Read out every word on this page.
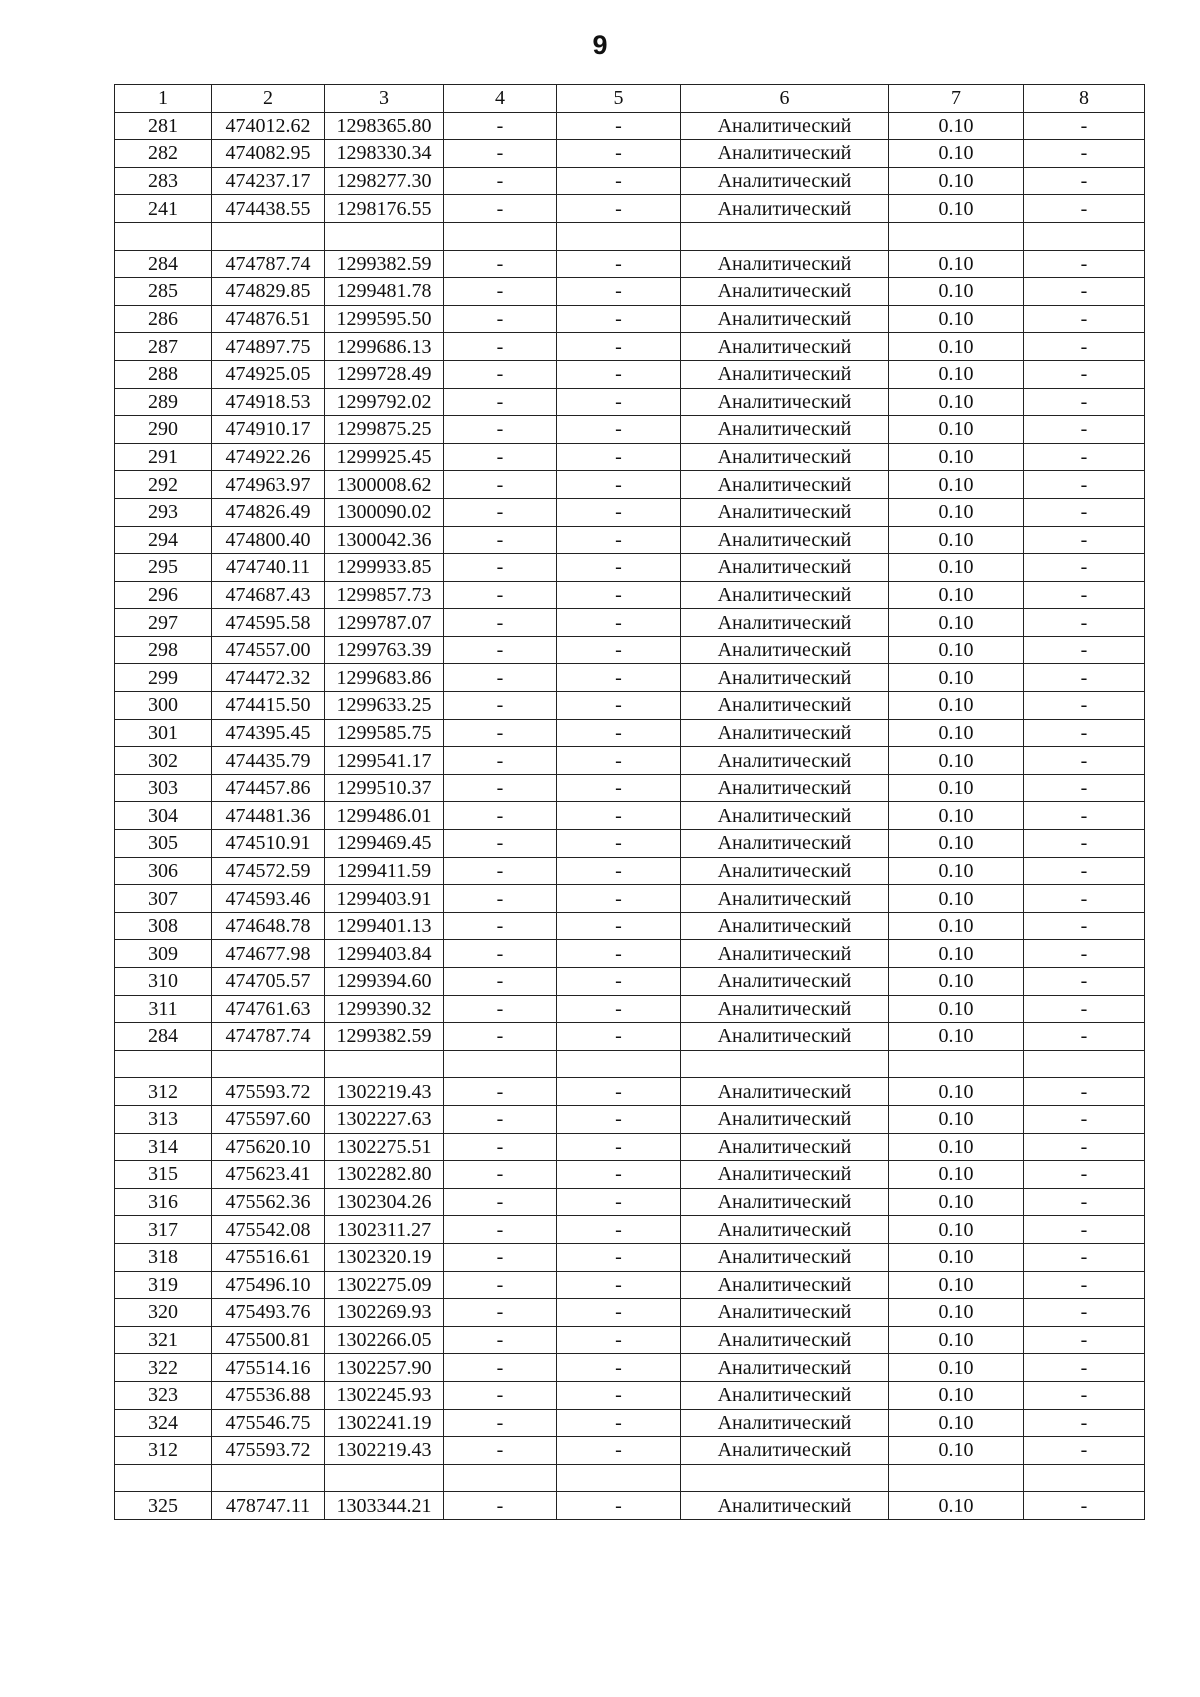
9
1	2	3	4	5	6	7	8
281	474012.62	1298365.80	-	-	Аналитический	0.10	-
282	474082.95	1298330.34	-	-	Аналитический	0.10	-
283	474237.17	1298277.30	-	-	Аналитический	0.10	-
241	474438.55	1298176.55	-	-	Аналитический	0.10	-

284	474787.74	1299382.59	-	-	Аналитический	0.10	-
285	474829.85	1299481.78	-	-	Аналитический	0.10	-
286	474876.51	1299595.50	-	-	Аналитический	0.10	-
287	474897.75	1299686.13	-	-	Аналитический	0.10	-
288	474925.05	1299728.49	-	-	Аналитический	0.10	-
289	474918.53	1299792.02	-	-	Аналитический	0.10	-
290	474910.17	1299875.25	-	-	Аналитический	0.10	-
291	474922.26	1299925.45	-	-	Аналитический	0.10	-
292	474963.97	1300008.62	-	-	Аналитический	0.10	-
293	474826.49	1300090.02	-	-	Аналитический	0.10	-
294	474800.40	1300042.36	-	-	Аналитический	0.10	-
295	474740.11	1299933.85	-	-	Аналитический	0.10	-
296	474687.43	1299857.73	-	-	Аналитический	0.10	-
297	474595.58	1299787.07	-	-	Аналитический	0.10	-
298	474557.00	1299763.39	-	-	Аналитический	0.10	-
299	474472.32	1299683.86	-	-	Аналитический	0.10	-
300	474415.50	1299633.25	-	-	Аналитический	0.10	-
301	474395.45	1299585.75	-	-	Аналитический	0.10	-
302	474435.79	1299541.17	-	-	Аналитический	0.10	-
303	474457.86	1299510.37	-	-	Аналитический	0.10	-
304	474481.36	1299486.01	-	-	Аналитический	0.10	-
305	474510.91	1299469.45	-	-	Аналитический	0.10	-
306	474572.59	1299411.59	-	-	Аналитический	0.10	-
307	474593.46	1299403.91	-	-	Аналитический	0.10	-
308	474648.78	1299401.13	-	-	Аналитический	0.10	-
309	474677.98	1299403.84	-	-	Аналитический	0.10	-
310	474705.57	1299394.60	-	-	Аналитический	0.10	-
311	474761.63	1299390.32	-	-	Аналитический	0.10	-
284	474787.74	1299382.59	-	-	Аналитический	0.10	-

312	475593.72	1302219.43	-	-	Аналитический	0.10	-
313	475597.60	1302227.63	-	-	Аналитический	0.10	-
314	475620.10	1302275.51	-	-	Аналитический	0.10	-
315	475623.41	1302282.80	-	-	Аналитический	0.10	-
316	475562.36	1302304.26	-	-	Аналитический	0.10	-
317	475542.08	1302311.27	-	-	Аналитический	0.10	-
318	475516.61	1302320.19	-	-	Аналитический	0.10	-
319	475496.10	1302275.09	-	-	Аналитический	0.10	-
320	475493.76	1302269.93	-	-	Аналитический	0.10	-
321	475500.81	1302266.05	-	-	Аналитический	0.10	-
322	475514.16	1302257.90	-	-	Аналитический	0.10	-
323	475536.88	1302245.93	-	-	Аналитический	0.10	-
324	475546.75	1302241.19	-	-	Аналитический	0.10	-
312	475593.72	1302219.43	-	-	Аналитический	0.10	-

325	478747.11	1303344.21	-	-	Аналитический	0.10	-
